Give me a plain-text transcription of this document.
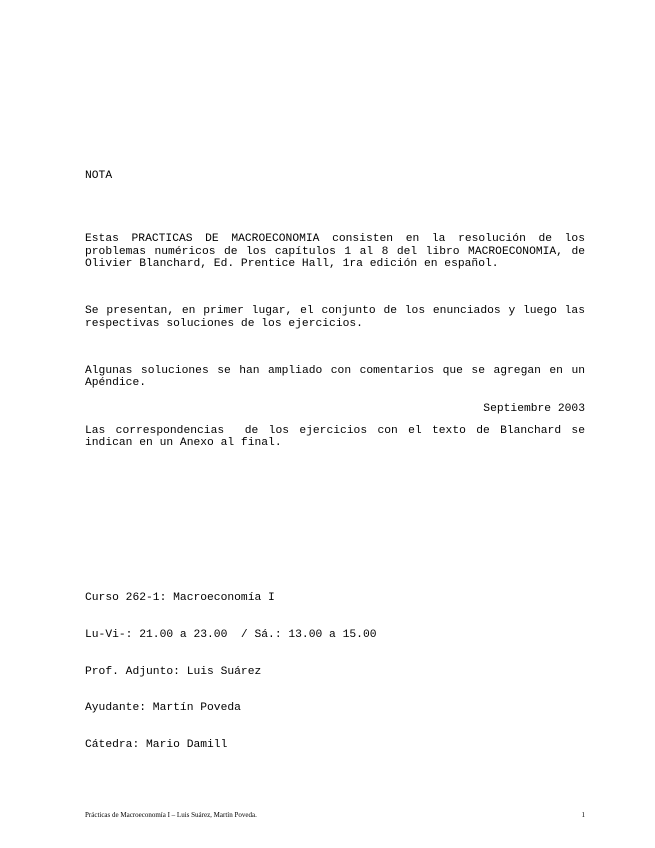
NOTA

Estas PRACTICAS DE MACROECONOMIA consisten en la resolución de los problemas numéricos de los capítulos 1 al 8 del libro MACROECONOMIA, de Olivier Blanchard, Ed. Prentice Hall, 1ra edición en español.

Se presentan, en primer lugar, el conjunto de los enunciados y luego las respectivas soluciones de los ejercicios.

Algunas soluciones se han ampliado con comentarios que se agregan en un Apéndice.

Las correspondencias  de los ejercicios con el texto de Blanchard se indican en un Anexo al final.

Septiembre 2003

Curso 262-1: Macroeconomía I

Lu-Vi-: 21.00 a 23.00  / Sá.: 13.00 a 15.00

Prof. Adjunto: Luis Suárez

Ayudante: Martín Poveda

Cátedra: Mario Damill

Prácticas de Macroeconomía I – Luis Suárez, Martín Poveda.	1
